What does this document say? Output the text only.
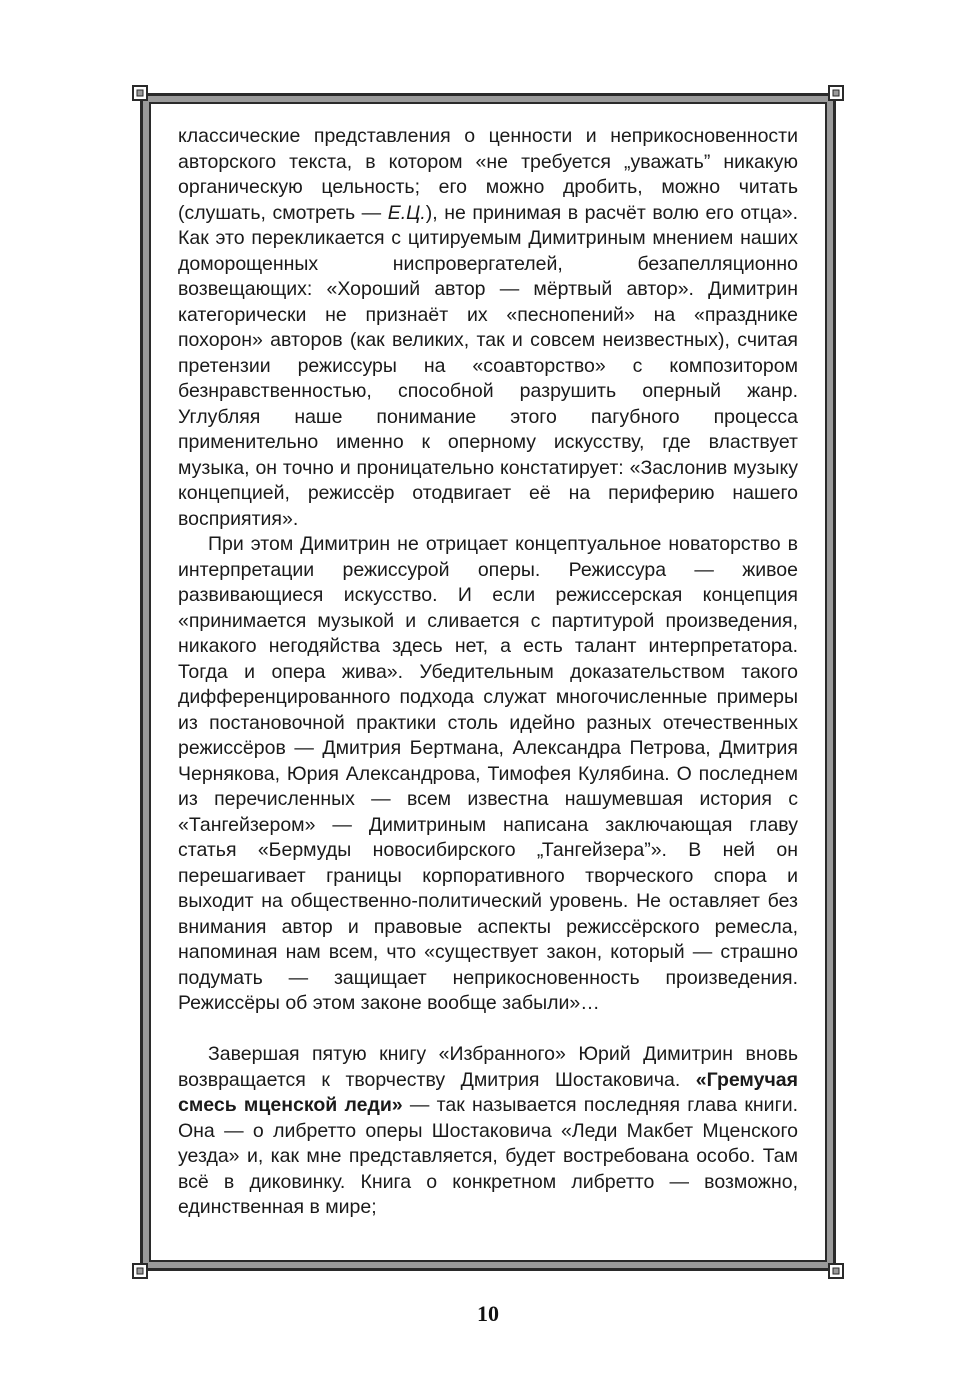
классические представления о ценности и неприкосновенности авторского текста, в котором «не требуется „уважать” никакую органическую цельность; его можно дробить, можно читать (слушать, смотреть — Е.Ц.), не принимая в расчёт волю его отца». Как это перекликается с цитируемым Димитриным мнением наших доморощенных ниспровергателей, безапелляционно возвещающих: «Хороший автор — мёртвый автор». Димитрин категорически не признаёт их «песнопений» на «празднике похорон» авторов (как великих, так и совсем неизвестных), считая претензии режиссуры на «соавторство» с композитором безнравственностью, способной разрушить оперный жанр. Углубляя наше понимание этого пагубного процесса применительно именно к оперному искусству, где властвует музыка, он точно и проницательно констатирует: «Заслонив музыку концепцией, режиссёр отодвигает её на периферию нашего восприятия».

При этом Димитрин не отрицает концептуальное новаторство в интерпретации режиссурой оперы. Режиссура — живое развивающиеся искусство. И если режиссерская концепция «принимается музыкой и сливается с партитурой произведения, никакого негодяйства здесь нет, а есть талант интерпретатора. Тогда и опера жива». Убедительным доказательством такого дифференцированного подхода служат многочисленные примеры из постановочной практики столь идейно разных отечественных режиссёров — Дмитрия Бертмана, Александра Петрова, Дмитрия Чернякова, Юрия Александрова, Тимофея Кулябина. О последнем из перечисленных — всем известна нашумевшая история с «Тангейзером» — Димитриным написана заключающая главу статья «Бермуды новосибирского „Тангейзера”». В ней он перешагивает границы корпоративного творческого спора и выходит на общественно-политический уровень. Не оставляет без внимания автор и правовые аспекты режиссёрского ремесла, напоминая нам всем, что «существует закон, который — страшно подумать — защищает неприкосновенность произведения. Режиссёры об этом законе вообще забыли»…

Завершая пятую книгу «Избранного» Юрий Димитрин вновь возвращается к творчеству Дмитрия Шостаковича. «Гремучая смесь мценской леди» — так называется последняя глава книги. Она — о либретто оперы Шостаковича «Леди Макбет Мценского уезда» и, как мне представляется, будет востребована особо. Там всё в диковинку. Книга о конкретном либретто — возможно, единственная в мире;

10
